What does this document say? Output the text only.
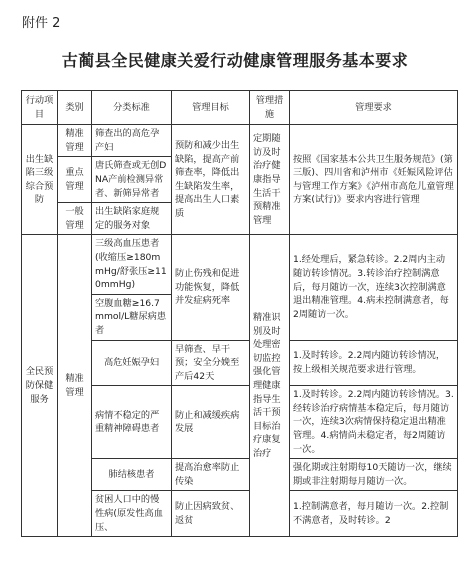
附件 2
古蔺县全民健康关爱行动健康管理服务基本要求
行动项目	类别	分类标准	管理目标	管理措施	管理要求
出生缺陷三级综合预防	精准管理	筛查出的高危孕产妇	预防和减少出生缺陷，提高产前筛查率，降低出生缺陷发生率，提高出生人口素质	定期随访及时治疗健康指导生活干预精准管理	按照《国家基本公共卫生服务规范》(第三版)、四川省和泸州市《妊娠风险评估与管理工作方案》《泸州市高危儿童管理方案(试行)》要求内容进行管理
	重点管理	唐氏筛查或无创DNA产前检测异常者、新筛异常者			
	一般管理	出生缺陷家庭规定的服务对象			
全民预防保健服务	精准管理	三级高血压患者(收缩压≥180mmHg/舒张压≥110mmHg)	防止伤残和促进功能恢复，降低并发症病死率	精准识别及时处理密切监控强化管理健康指导生活干预目标治疗康复治疗	1.经处理后，紧急转诊。2.2周内主动随访转诊情况。3.转诊治疗控制满意后，每月随访一次，连续3次控制满意退出精准管理。4.病未控制满意者，每2周随访一次。
		空腹血糖≥16.7mmol/L糖尿病患者			
		高危妊娠孕妇	早筛查、早干预；安全分娩至产后42天		1.及时转诊。2.2周内随访转诊情况，按上级相关规范要求进行管理。
		病情不稳定的严重精神障碍患者	防止和减缓疾病发展		1.及时转诊。2.2周内随访转诊情况。3.经转诊治疗病情基本稳定后，每月随访一次，连续3次病情保持稳定退出精准管理。4.病情尚未稳定者，每2周随访一次。
		肺结核患者	提高治愈率防止传染		强化期或注射期每10天随访一次，继续期或非注射期每月随访一次。
		贫困人口中的慢性病(原发性高血压、	防止因病致贫、返贫		1.控制满意者，每月随访一次。2.控制不满意者，及时转诊。2
